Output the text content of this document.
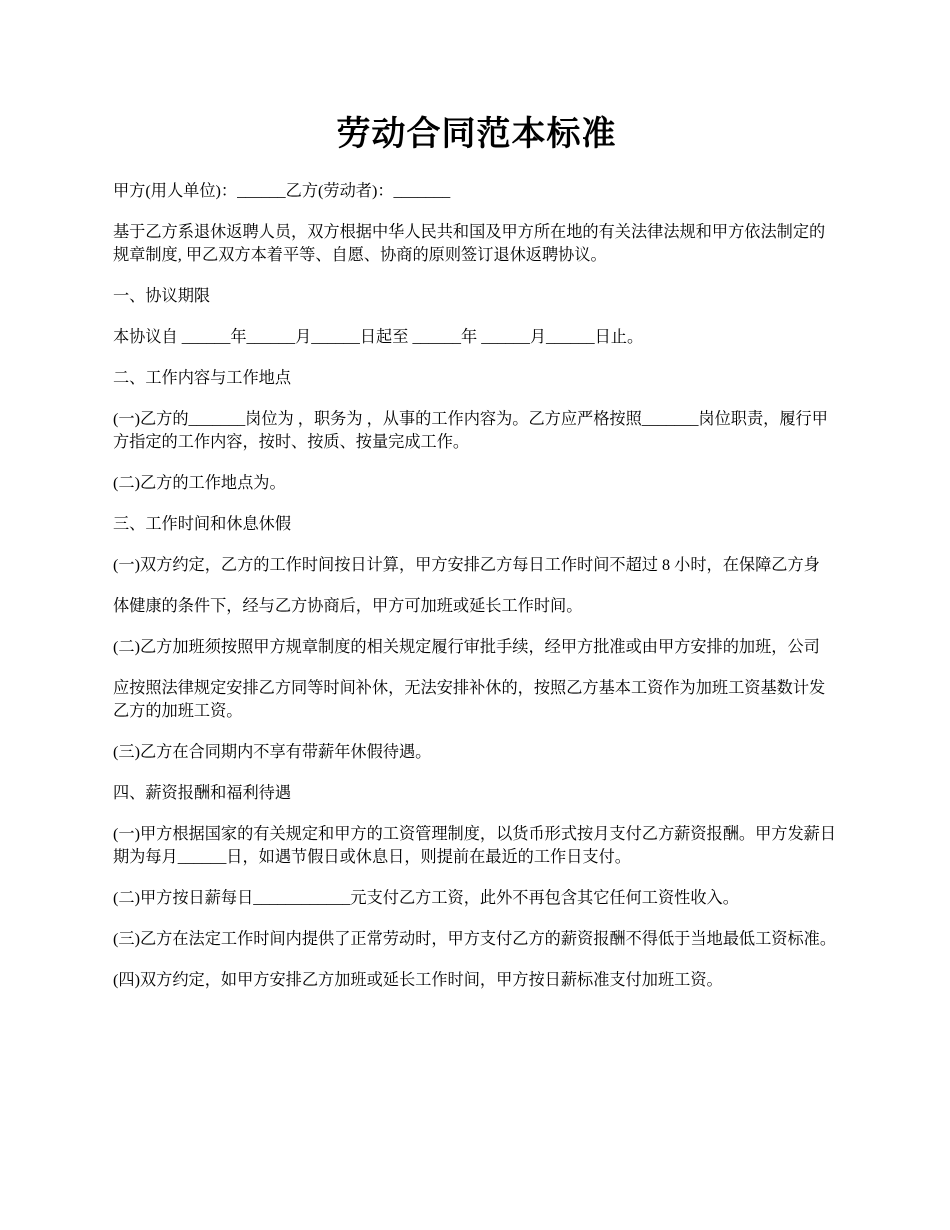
劳动合同范本标准

甲方(用人单位)：______乙方(劳动者)：_______

基于乙方系退休返聘人员，双方根据中华人民共和国及甲方所在地的有关法律法规和甲方依法制定的规章制度, 甲乙双方本着平等、自愿、协商的原则签订退休返聘协议。

一、协议期限

本协议自 ______年______月______日起至 ______年 ______月______日止。

二、工作内容与工作地点

(一)乙方的_______岗位为 ，职务为 ，从事的工作内容为。乙方应严格按照_______岗位职责，履行甲方指定的工作内容，按时、按质、按量完成工作。

(二)乙方的工作地点为。

三、工作时间和休息休假

(一)双方约定，乙方的工作时间按日计算，甲方安排乙方每日工作时间不超过 8 小时，在保障乙方身

体健康的条件下，经与乙方协商后，甲方可加班或延长工作时间。

(二)乙方加班须按照甲方规章制度的相关规定履行审批手续，经甲方批准或由甲方安排的加班，公司

应按照法律规定安排乙方同等时间补休，无法安排补休的，按照乙方基本工资作为加班工资基数计发乙方的加班工资。

(三)乙方在合同期内不享有带薪年休假待遇。

四、薪资报酬和福利待遇

(一)甲方根据国家的有关规定和甲方的工资管理制度，以货币形式按月支付乙方薪资报酬。甲方发薪日期为每月______日，如遇节假日或休息日，则提前在最近的工作日支付。

(二)甲方按日薪每日____________元支付乙方工资，此外不再包含其它任何工资性收入。

(三)乙方在法定工作时间内提供了正常劳动时，甲方支付乙方的薪资报酬不得低于当地最低工资标准。

(四)双方约定，如甲方安排乙方加班或延长工作时间，甲方按日薪标准支付加班工资。
